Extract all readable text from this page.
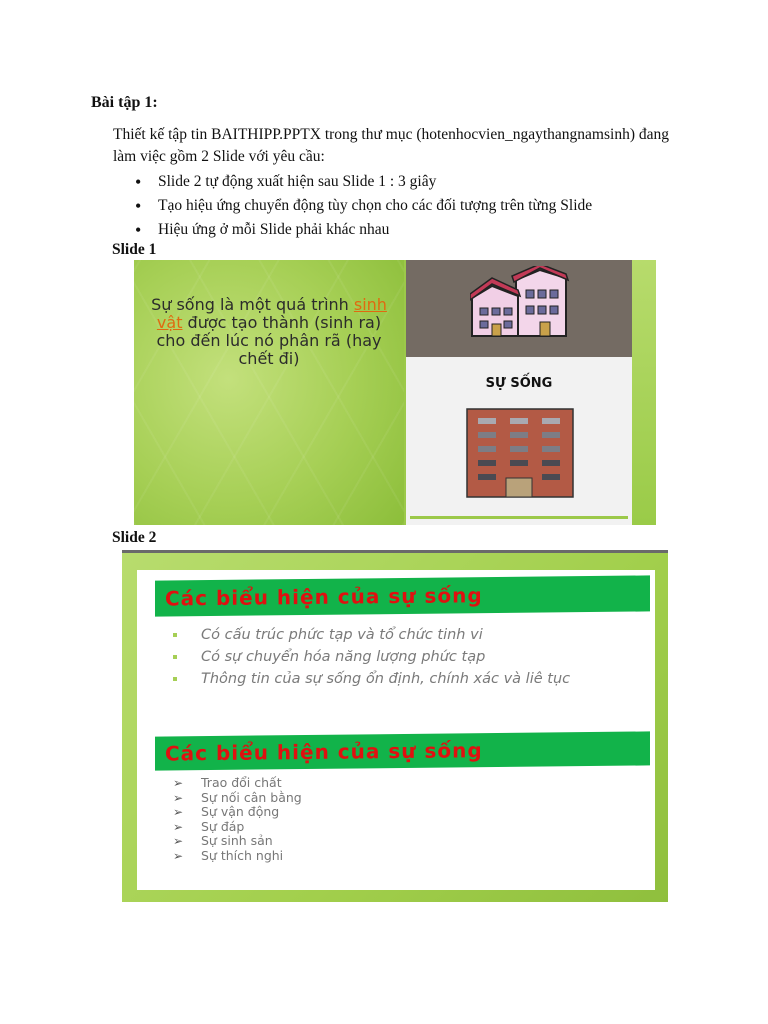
Bài tập 1:
Thiết kế tập tin BAITHIPP.PPTX trong thư mục (hotenhocvien_ngaythangnamsinh) đang làm việc gồm 2 Slide với yêu cầu:
• Slide 2 tự động xuất hiện sau Slide 1 : 3 giây
• Tạo hiệu ứng chuyển động tùy chọn cho các đối tượng trên từng Slide
• Hiệu ứng ở mỗi Slide phải khác nhau
Slide 1
Sự sống là một quá trình sinh vật được tạo thành (sinh ra) cho đến lúc nó phân rã (hay chết đi)
SỰ SỐNG
Slide 2
Các biểu hiện của sự sống
Có cấu trúc phức tạp và tổ chức tinh vi
Có sự chuyển hóa năng lượng phức tạp
Thông tin của sự sống ổn định, chính xác và liê tục
Các biểu hiện của sự sống
➢ Trao đổi chất
➢ Sự nối cân bằng
➢ Sự vận động
➢ Sự đáp
➢ Sự sinh sản
➢ Sự thích nghi
